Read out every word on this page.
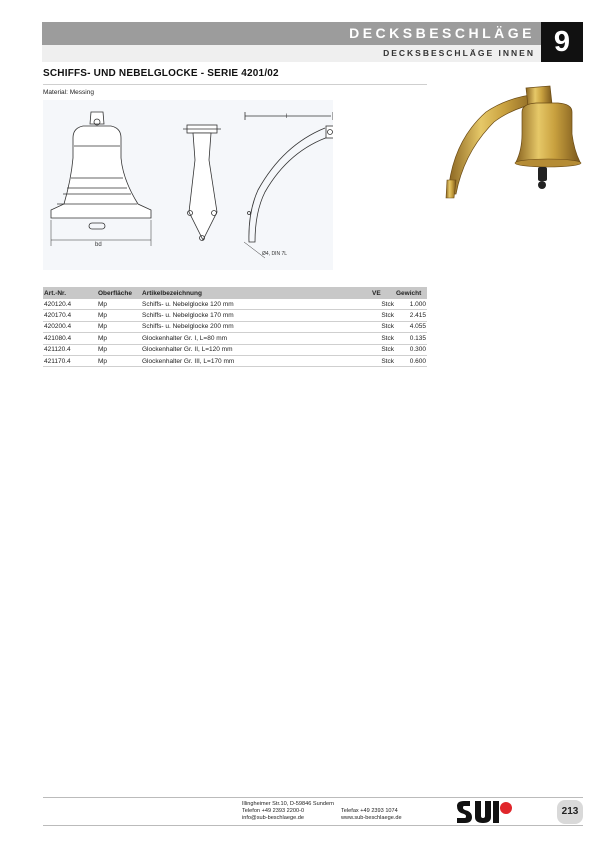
DECKSBESCHLÄGE
DECKSBESCHLÄGE INNEN 9
SCHIFFS- UND NEBELGLOCKE - SERIE 4201/02
Material: Messing
bd
l
Ø4, DIN 7L
Art.-Nr.	Oberfläche	Artikelbezeichnung	VE	Gewicht
420120.4	Mp	Schiffs- u. Nebelglocke 120 mm	Stck	1.000
420170.4	Mp	Schiffs- u. Nebelglocke 170 mm	Stck	2.415
420200.4	Mp	Schiffs- u. Nebelglocke 200 mm	Stck	4.055
421080.4	Mp	Glockenhalter Gr. I, L=80 mm	Stck	0.135
421120.4	Mp	Glockenhalter Gr. II, L=120 mm	Stck	0.300
421170.4	Mp	Glockenhalter Gr. III, L=170 mm	Stck	0.600
Illingheimer Str.10, D-59846 Sundern
Telefon +49 2393 2200-0	Telefax +49 2393 1074
info@sub-beschlaege.de	www.sub-beschlaege.de
213
